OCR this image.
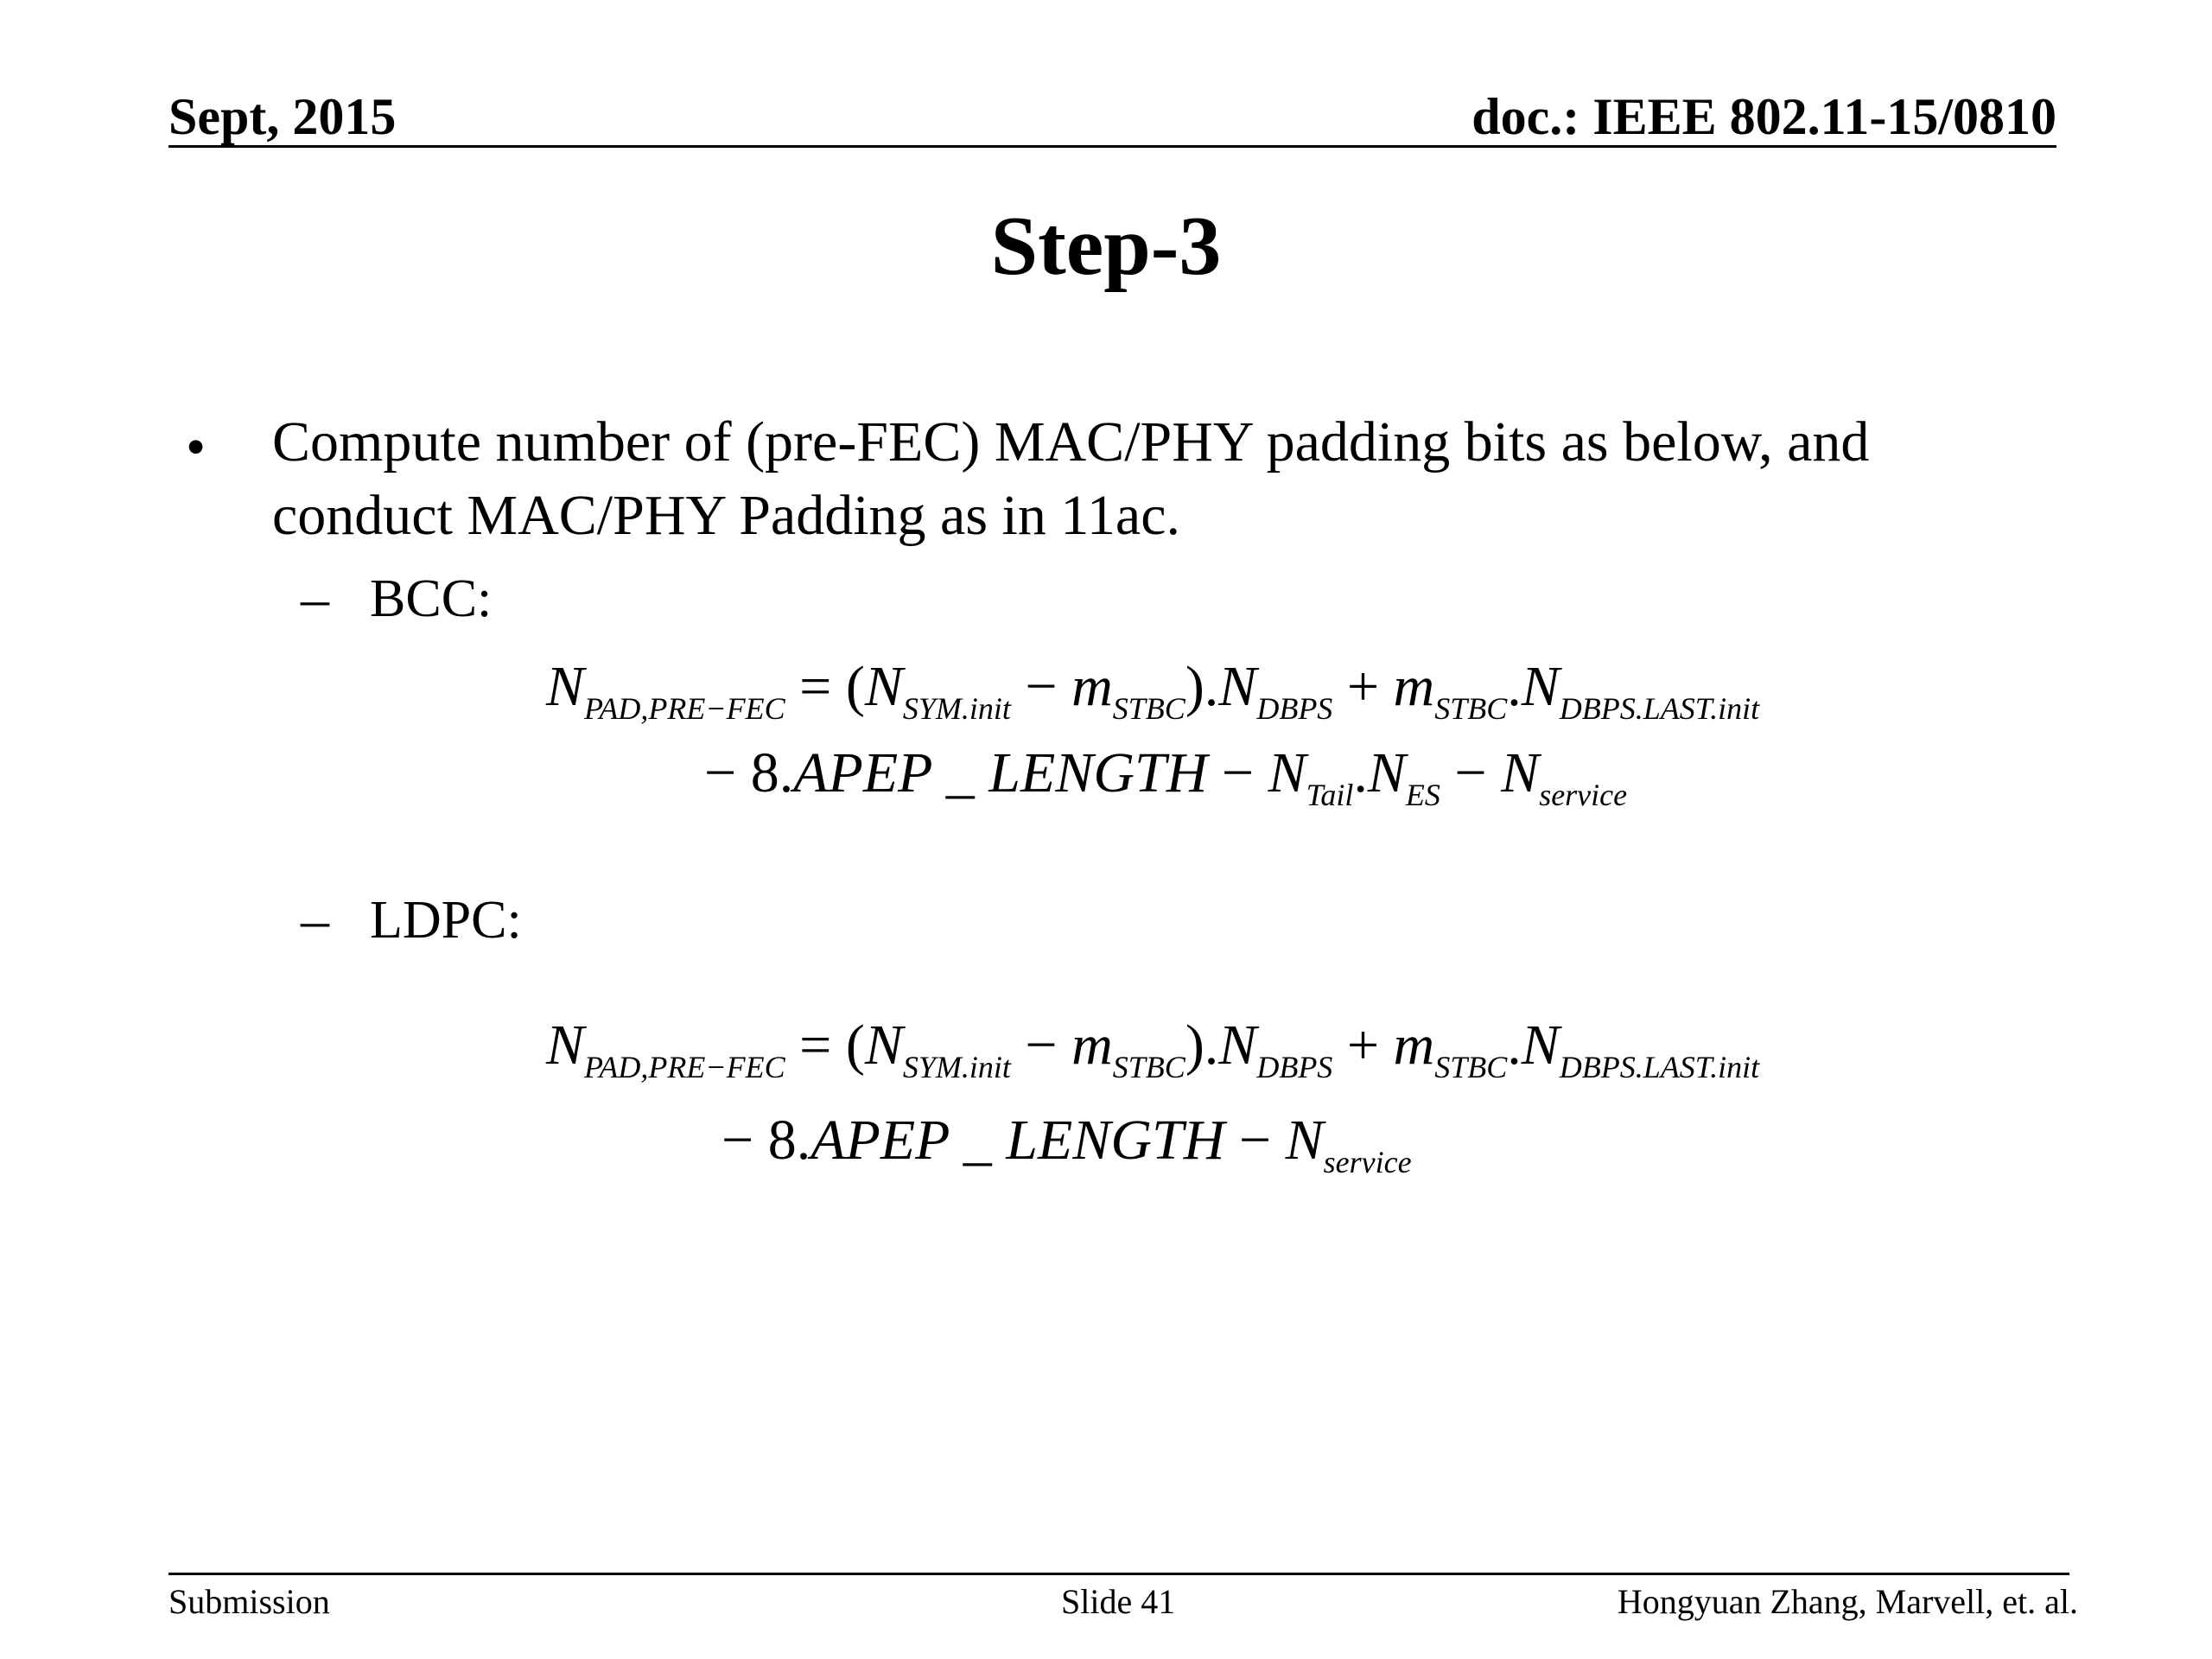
Sept, 2015	doc.: IEEE 802.11-15/0810
Step-3
• Compute number of (pre-FEC) MAC/PHY padding bits as below, and
conduct MAC/PHY Padding as in 11ac.
– BCC:
$N_{PAD,PRE-FEC} = (N_{SYM.init} - m_{STBC}).N_{DBPS} + m_{STBC}.N_{DBPS.LAST.init}$
− 8.APEP _ LENGTH − $N_{Tail}.N_{ES} - N_{service}$
– LDPC:
$N_{PAD,PRE-FEC} = (N_{SYM.init} - m_{STBC}).N_{DBPS} + m_{STBC}.N_{DBPS.LAST.init}$
− 8.APEP _ LENGTH − $N_{service}$
Submission	Slide 41	Hongyuan Zhang, Marvell, et. al.
